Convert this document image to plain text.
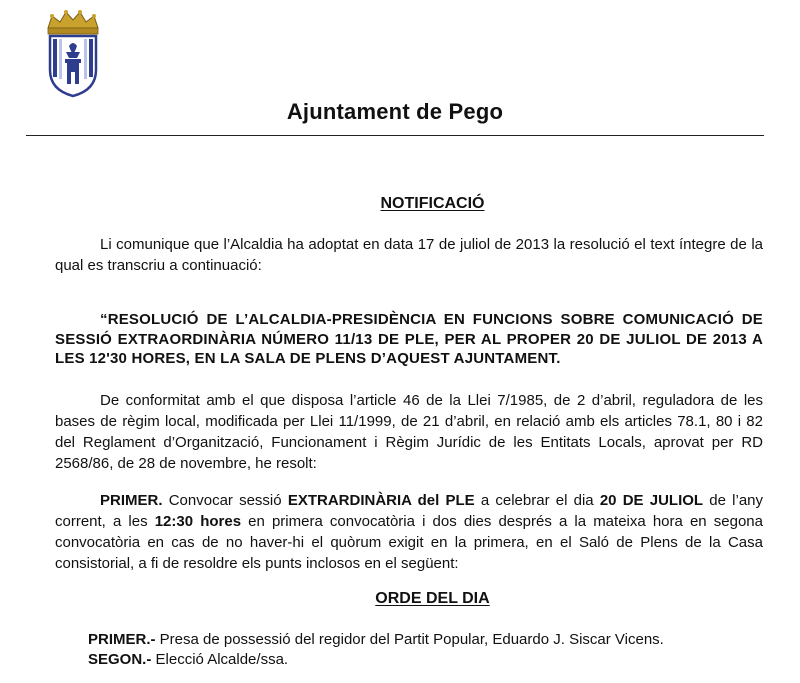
Ajuntament de Pego
NOTIFICACIÓ
Li comunique que l’Alcaldia ha adoptat en data 17 de juliol de 2013 la resolució el text íntegre de la qual es transcriu a continuació:
“RESOLUCIÓ DE L’ALCALDIA-PRESIDÈNCIA EN FUNCIONS SOBRE COMUNICACIÓ DE SESSIÓ EXTRAORDINÀRIA NÚMERO 11/13 DE PLE, PER AL PROPER 20 DE JULIOL DE 2013 A LES 12'30 HORES, EN LA SALA DE PLENS D’AQUEST AJUNTAMENT.
De conformitat amb el que disposa l’article 46 de la Llei 7/1985, de 2 d’abril, reguladora de les bases de règim local, modificada per Llei 11/1999, de 21 d’abril, en relació amb els articles 78.1, 80 i 82 del Reglament d’Organització, Funcionament i Règim Jurídic de les Entitats Locals, aprovat per RD 2568/86, de 28 de novembre, he resolt:
PRIMER. Convocar sessió EXTRARDINÀRIA del PLE a celebrar el dia 20 DE JULIOL de l’any corrent, a les 12:30 hores en primera convocatòria i dos dies després a la mateixa hora en segona convocatòria en cas de no haver-hi el quòrum exigit en la primera, en el Saló de Plens de la Casa consistorial, a fi de resoldre els punts inclosos en el següent:
ORDE DEL DIA
PRIMER.- Presa de possessió del regidor del Partit Popular, Eduardo J. Siscar Vicens.
SEGON.- Elecció Alcalde/ssa.
